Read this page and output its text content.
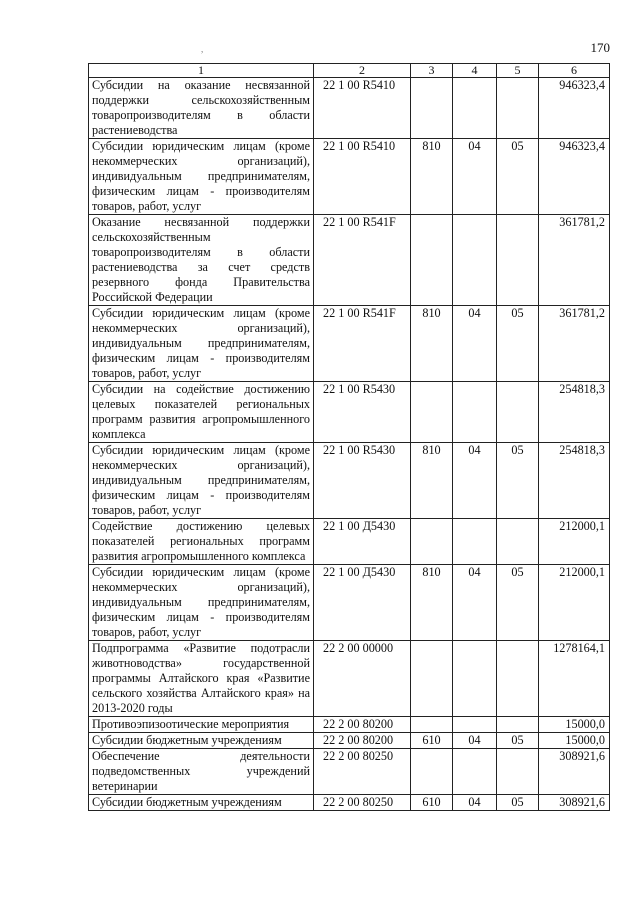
170
,
1	2	3	4	5	6
Субсидии на оказание несвязанной поддержки сельскохозяйственным товаропроизводителям в области растениеводства	22 1 00 R5410				946323,4
Субсидии юридическим лицам (кроме некоммерческих организаций), индивидуальным предпринимателям, физическим лицам - производителям товаров, работ, услуг	22 1 00 R5410	810	04	05	946323,4
Оказание несвязанной поддержки сельскохозяйственным товаропроизводителям в области растениеводства за счет средств резервного фонда Правительства Российской Федерации	22 1 00 R541F				361781,2
Субсидии юридическим лицам (кроме некоммерческих организаций), индивидуальным предпринимателям, физическим лицам - производителям товаров, работ, услуг	22 1 00 R541F	810	04	05	361781,2
Субсидии на содействие достижению целевых показателей региональных программ развития агропромышленного комплекса	22 1 00 R5430				254818,3
Субсидии юридическим лицам (кроме некоммерческих организаций), индивидуальным предпринимателям, физическим лицам - производителям товаров, работ, услуг	22 1 00 R5430	810	04	05	254818,3
Содействие достижению целевых показателей региональных программ развития агропромышленного комплекса	22 1 00 Д5430				212000,1
Субсидии юридическим лицам (кроме некоммерческих организаций), индивидуальным предпринимателям, физическим лицам - производителям товаров, работ, услуг	22 1 00 Д5430	810	04	05	212000,1
Подпрограмма «Развитие подотрасли животноводства» государственной программы Алтайского края «Развитие сельского хозяйства Алтайского края» на 2013-2020 годы	22 2 00 00000				1278164,1
Противоэпизоотические мероприятия	22 2 00 80200				15000,0
Субсидии бюджетным учреждениям	22 2 00 80200	610	04	05	15000,0
Обеспечение деятельности подведомственных учреждений ветеринарии	22 2 00 80250				308921,6
Субсидии бюджетным учреждениям	22 2 00 80250	610	04	05	308921,6
